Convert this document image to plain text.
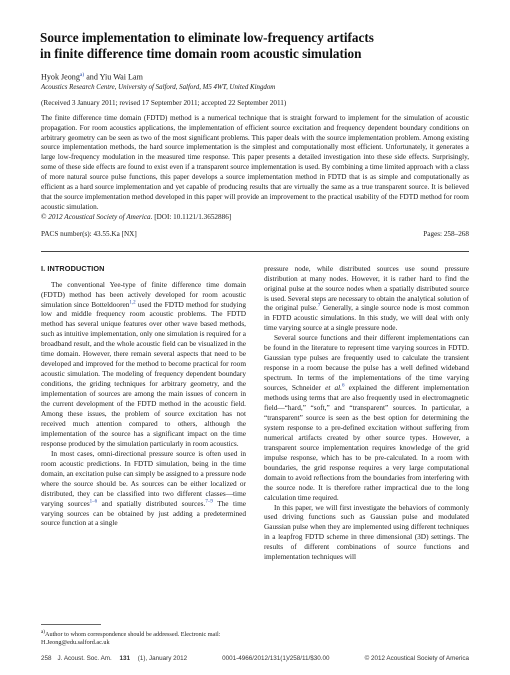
Source implementation to eliminate low-frequency artifacts
in finite difference time domain room acoustic simulation
Hyok Jeong$^{a)}$ and Yiu Wai Lam
Acoustics Research Centre, University of Salford, Salford, M5 4WT, United Kingdom
(Received 3 January 2011; revised 17 September 2011; accepted 22 September 2011)
The finite difference time domain (FDTD) method is a numerical technique that is straight forward to implement for the simulation of acoustic propagation. For room acoustics applications, the implementation of efficient source excitation and frequency dependent boundary conditions on arbitrary geometry can be seen as two of the most significant problems. This paper deals with the source implementation problem. Among existing source implementation methods, the hard source implementation is the simplest and computationally most efficient. Unfortunately, it generates a large low-frequency modulation in the measured time response. This paper presents a detailed investigation into these side effects. Surprisingly, some of these side effects are found to exist even if a transparent source implementation is used. By combining a time limited approach with a class of more natural source pulse functions, this paper develops a source implementation method in FDTD that is as simple and computationally as efficient as a hard source implementation and yet capable of producing results that are virtually the same as a true transparent source. It is believed that the source implementation method developed in this paper will provide an improvement to the practical usability of the FDTD method for room acoustic simulation.
© 2012 Acoustical Society of America. [DOI: 10.1121/1.3652886]
PACS number(s): 43.55.Ka [NX]	Pages: 258–268
I. INTRODUCTION

The conventional Yee-type of finite difference time domain (FDTD) method has been actively developed for room acoustic simulation since Botteldooren$^{1,2}$ used the FDTD method for studying low and middle frequency room acoustic problems. The FDTD method has several unique features over other wave based methods, such as intuitive implementation, only one simulation is required for a broadband result, and the whole acoustic field can be visualized in the time domain. However, there remain several aspects that need to be developed and improved for the method to become practical for room acoustic simulation. The modeling of frequency dependent boundary conditions, the griding techniques for arbitrary geometry, and the implementation of sources are among the main issues of concern in the current development of the FDTD method in the acoustic field. Among these issues, the problem of source excitation has not received much attention compared to others, although the implementation of the source has a significant impact on the time response produced by the simulation particularly in room acoustics.

In most cases, omni-directional pressure source is often used in room acoustic predictions. In FDTD simulation, being in the time domain, an excitation pulse can simply be assigned to a pressure node where the source should be. As sources can be either localized or distributed, they can be classified into two different classes—time varying sources$^{1-6}$ and spatially distributed sources.$^{7-9}$ The time varying sources can be obtained by just adding a predetermined source function at a single

pressure node, while distributed sources use sound pressure distribution at many nodes. However, it is rather hard to find the original pulse at the source nodes when a spatially distributed source is used. Several steps are necessary to obtain the analytical solution of the original pulse.$^7$ Generally, a single source node is most common in FDTD acoustic simulations. In this study, we will deal with only time varying source at a single pressure node.

Several source functions and their different implementations can be found in the literature to represent time varying sources in FDTD. Gaussian type pulses are frequently used to calculate the transient response in a room because the pulse has a well defined wideband spectrum. In terms of the implementations of the time varying sources, Schneider et al.$^6$ explained the different implementation methods using terms that are also frequently used in electromagnetic field—“hard,” “soft,” and “transparent” sources. In particular, a “transparent” source is seen as the best option for determining the system response to a pre-defined excitation without suffering from numerical artifacts created by other source types. However, a transparent source implementation requires knowledge of the grid impulse response, which has to be pre-calculated. In a room with boundaries, the grid response requires a very large computational domain to avoid reflections from the boundaries from interfering with the source node. It is therefore rather impractical due to the long calculation time required.

In this paper, we will first investigate the behaviors of commonly used driving functions such as Gaussian pulse and modulated Gaussian pulse when they are implemented using different techniques in a leapfrog FDTD scheme in three dimensional (3D) settings. The results of different combinations of source functions and implementation techniques will

$^{a)}$Author to whom correspondence should be addressed. Electronic mail: H.Jeong@edu.salford.ac.uk
258 J. Acoust. Soc. Am. 131 (1), January 2012	0001-4966/2012/131(1)/258/11/$30.00	© 2012 Acoustical Society of America
